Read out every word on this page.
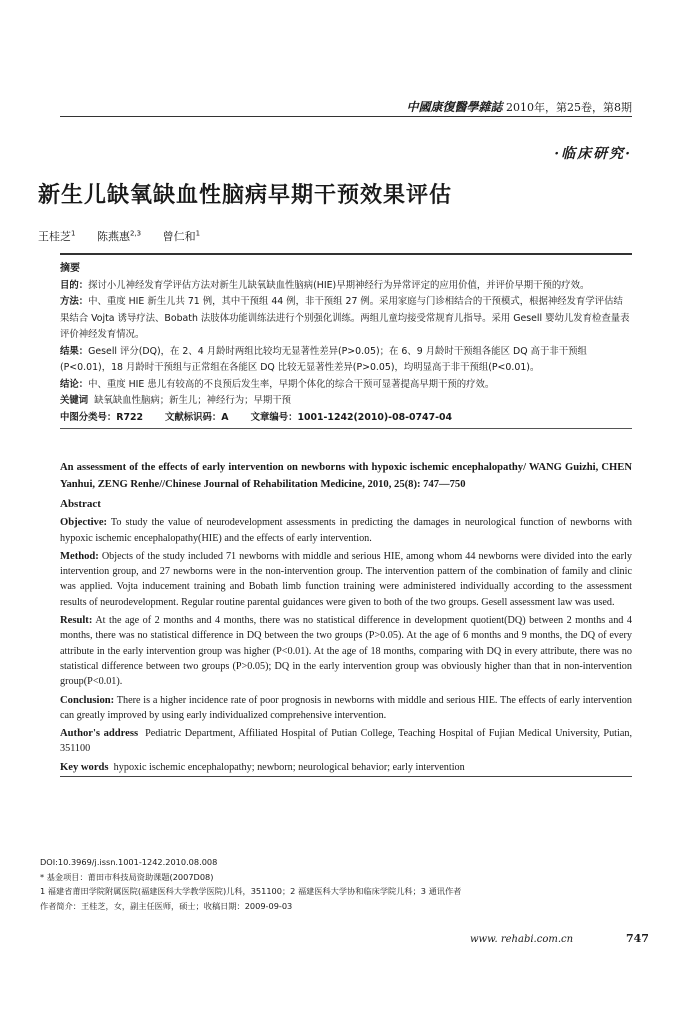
中國康復醫學雜誌 2010年，第25卷，第8期
·临床研究·
新生儿缺氧缺血性脑病早期干预效果评估
王桂芝$^1$ 陈燕惠$^{2,3}$ 曾仁和$^1$

摘要

目的：探讨小儿神经发育学评估方法对新生儿缺氧缺血性脑病(HIE)早期神经行为异常评定的应用价值，并评价早期干预的疗效。

方法：中、重度 HIE 新生儿共 71 例，其中干预组 44 例，非干预组 27 例。采用家庭与门诊相结合的干预模式，根据神经发育学评估结果结合 Vojta 诱导疗法、Bobath 法肢体功能训练法进行个别强化训练。两组儿童均接受常规育儿指导。采用 Gesell 婴幼儿发育检查量表评价神经发育情况。

结果：Gesell 评分(DQ)，在 2、4 月龄时两组比较均无显著性差异(P>0.05)；在 6、9 月龄时干预组各能区 DQ 高于非干预组(P<0.01)，18 月龄时干预组与正常组在各能区 DQ 比较无显著性差异(P>0.05)，均明显高于非干预组(P<0.01)。

结论：中、重度 HIE 患儿有较高的不良预后发生率，早期个体化的综合干预可显著提高早期干预的疗效。

关键词 缺氧缺血性脑病；新生儿；神经行为；早期干预

中图分类号：R722 文献标识码：A 文章编号：1001-1242(2010)-08-0747-04

An assessment of the effects of early intervention on newborns with hypoxic ischemic encephalopathy/ WANG Guizhi, CHEN Yanhui, ZENG Renhe//Chinese Journal of Rehabilitation Medicine, 2010, 25(8): 747—750

Abstract

Objective: To study the value of neurodevelopment assessments in predicting the damages in neurological function of newborns with hypoxic ischemic encephalopathy(HIE) and the effects of early intervention.

Method: Objects of the study included 71 newborns with middle and serious HIE, among whom 44 newborns were divided into the early intervention group, and 27 newborns were in the non-intervention group. The intervention pattern of the combination of family and clinic was applied. Vojta inducement training and Bobath limb function training were administered individually according to the assessment results of neurodevelopment. Regular routine parental guidances were given to both of the two groups. Gesell assessment law was used.

Result: At the age of 2 months and 4 months, there was no statistical difference in development quotient(DQ) between 2 months and 4 months, there was no statistical difference in DQ between the two groups (P>0.05). At the age of 6 months and 9 months, the DQ of every attribute in the early intervention group was higher (P<0.01). At the age of 18 months, comparing with DQ in every attribute, there was no statistical difference between two groups (P>0.05); DQ in the early intervention group was obviously higher than that in non-intervention group(P<0.01).

Conclusion: There is a higher incidence rate of poor prognosis in newborns with middle and serious HIE. The effects of early intervention can greatly improved by using early individualized comprehensive intervention.

Author's address Pediatric Department, Affiliated Hospital of Putian College, Teaching Hospital of Fujian Medical University, Putian, 351100

Key words hypoxic ischemic encephalopathy; newborn; neurological behavior; early intervention

DOI:10.3969/j.issn.1001-1242.2010.08.008

* 基金项目：莆田市科技局资助课题(2007D08)

1 福建省莆田学院附属医院(福建医科大学教学医院)儿科，351100；2 福建医科大学协和临床学院儿科；3 通讯作者

作者简介：王桂芝，女，副主任医师，硕士；收稿日期：2009-09-03

www. rehabi.com.cn	747
